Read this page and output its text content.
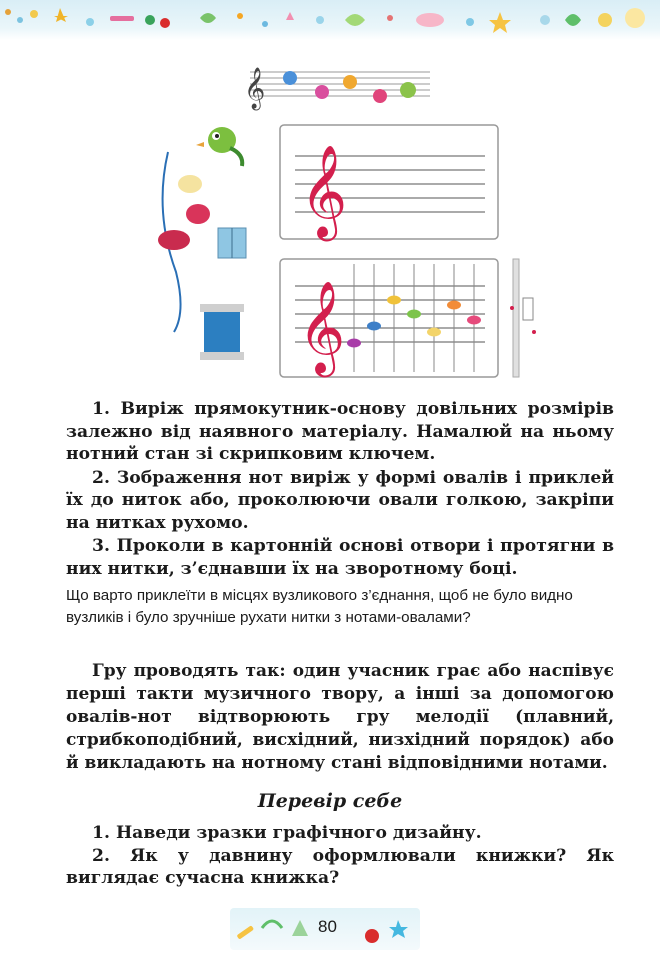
𝄞
𝄞
𝄞

1. Виріж прямокутник-основу довільних розмірів залежно від наявного матеріалу. Намалюй на ньому нотний стан зі скрипковим ключем.

2. Зображення нот виріж у формі овалів і приклей їх до ниток або, проколюючи овали голкою, закріпи на нитках рухомо.

3. Проколи в картонній основі отвори і протягни в них нитки, з’єднавши їх на зворотному боці.

Що варто приклеїти в місцях вузликового з’єднання, щоб не було видно вузликів і було зручніше рухати нитки з нотами-овалами?

Гру проводять так: один учасник грає або наспівує перші такти музичного твору, а інші за допомогою овалів-нот відтворюють гру мелодії (плавний, стрибкоподібний, висхідний, низхідний порядок) або й викладають на нотному стані відповідними нотами.

Перевір себе

1. Наведи зразки графічного дизайну.

2. Як у давнину оформлювали книжки? Як виглядає сучасна книжка?

80
